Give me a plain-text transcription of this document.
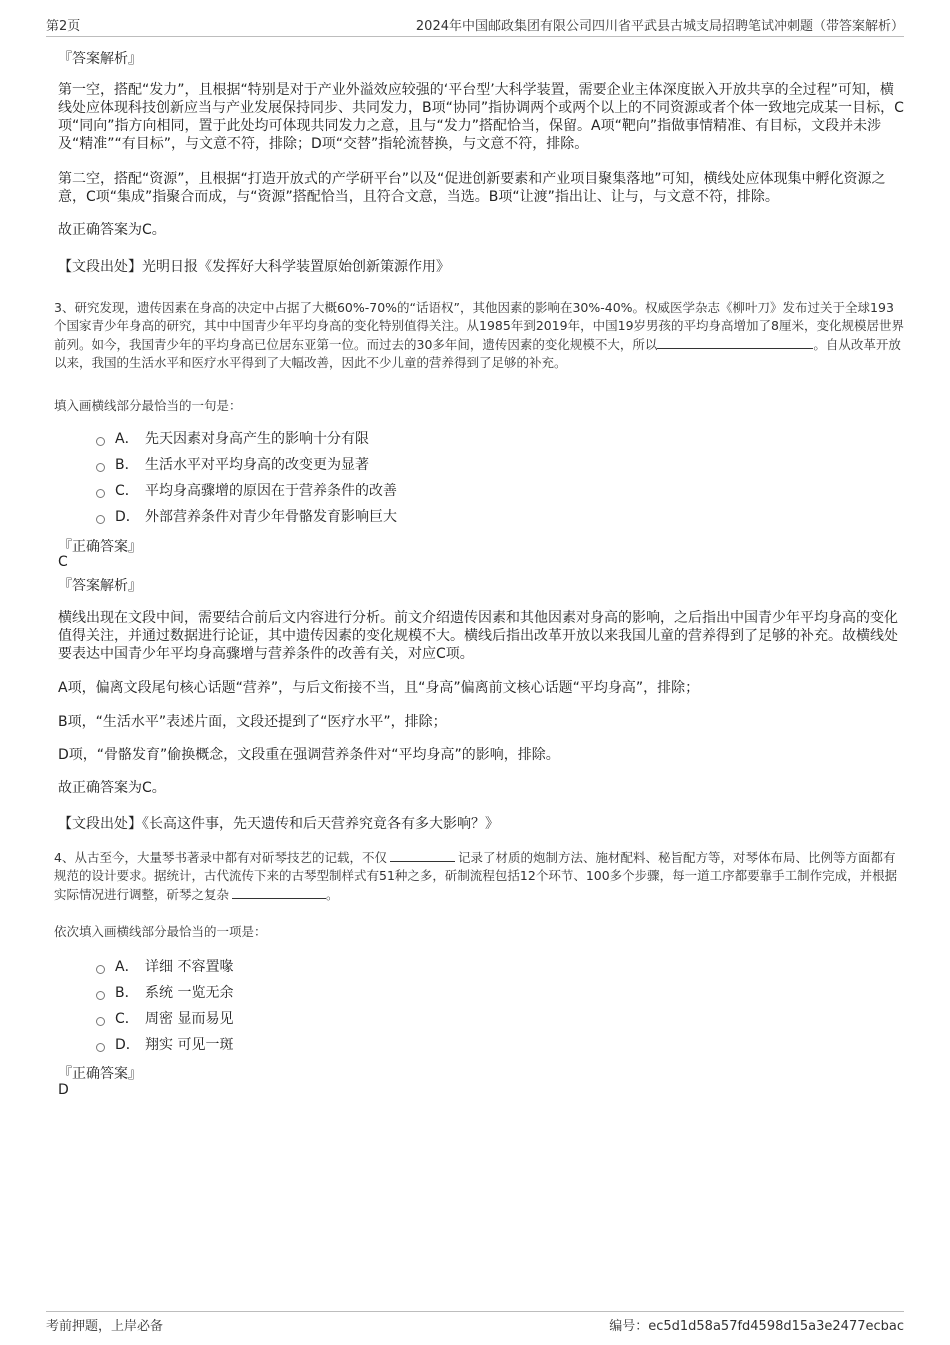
第2页	2024年中国邮政集团有限公司四川省平武县古城支局招聘笔试冲刺题（带答案解析）
『答案解析』

第一空，搭配“发力”，且根据“特别是对于产业外溢效应较强的‘平台型’大科学装置，需要企业主体深度嵌入开放共享的全过程”可知，横线处应体现科技创新应当与产业发展保持同步、共同发力，B项“协同”指协调两个或两个以上的不同资源或者个体一致地完成某一目标，C项“同向”指方向相同，置于此处均可体现共同发力之意，且与“发力”搭配恰当，保留。A项“靶向”指做事情精准、有目标，文段并未涉及“精准”“有目标”，与文意不符，排除；D项“交替”指轮流替换，与文意不符，排除。

第二空，搭配“资源”，且根据“打造开放式的产学研平台”以及“促进创新要素和产业项目聚集落地”可知，横线处应体现集中孵化资源之意，C项“集成”指聚合而成，与“资源”搭配恰当，且符合文意，当选。B项“让渡”指出让、让与，与文意不符，排除。

故正确答案为C。
【文段出处】光明日报《发挥好大科学装置原始创新策源作用》
3、研究发现，遗传因素在身高的决定中占据了大概60%-70%的“话语权”，其他因素的影响在30%-40%。权威医学杂志《柳叶刀》发布过关于全球193个国家青少年身高的研究，其中中国青少年平均身高的变化特别值得关注。从1985年到2019年，中国19岁男孩的平均身高增加了8厘米，变化规模居世界前列。如今，我国青少年的平均身高已位居东亚第一位。而过去的30多年间，遗传因素的变化规模不大，所以	。自从改革开放以来，我国的生活水平和医疗水平得到了大幅改善，因此不少儿童的营养得到了足够的补充。
填入画横线部分最恰当的一句是：
A． 先天因素对身高产生的影响十分有限
B． 生活水平对平均身高的改变更为显著
C． 平均身高骤增的原因在于营养条件的改善
D． 外部营养条件对青少年骨骼发育影响巨大
『正确答案』
C
『答案解析』

横线出现在文段中间，需要结合前后文内容进行分析。前文介绍遗传因素和其他因素对身高的影响，之后指出中国青少年平均身高的变化值得关注，并通过数据进行论证，其中遗传因素的变化规模不大。横线后指出改革开放以来我国儿童的营养得到了足够的补充。故横线处要表达中国青少年平均身高骤增与营养条件的改善有关，对应C项。

A项，偏离文段尾句核心话题“营养”，与后文衔接不当，且“身高”偏离前文核心话题“平均身高”，排除；
B项，“生活水平”表述片面，文段还提到了“医疗水平”，排除；
D项，“骨骼发育”偷换概念，文段重在强调营养条件对“平均身高”的影响，排除。
故正确答案为C。
【文段出处】《长高这件事，先天遗传和后天营养究竟各有多大影响？》
4、从古至今，大量琴书著录中都有对斫琴技艺的记载，不仅	记录了材质的炮制方法、施材配料、秘旨配方等，对琴体布局、比例等方面都有规范的设计要求。据统计，古代流传下来的古琴型制样式有51种之多，斫制流程包括12个环节、100多个步骤，每一道工序都要靠手工制作完成，并根据实际情况进行调整，斫琴之复杂	。
依次填入画横线部分最恰当的一项是：
A． 详细 不容置喙
B． 系统 一览无余
C． 周密 显而易见
D． 翔实 可见一斑
『正确答案』
D
考前押题，上岸必备	编号：ec5d1d58a57fd4598d15a3e2477ecbac
